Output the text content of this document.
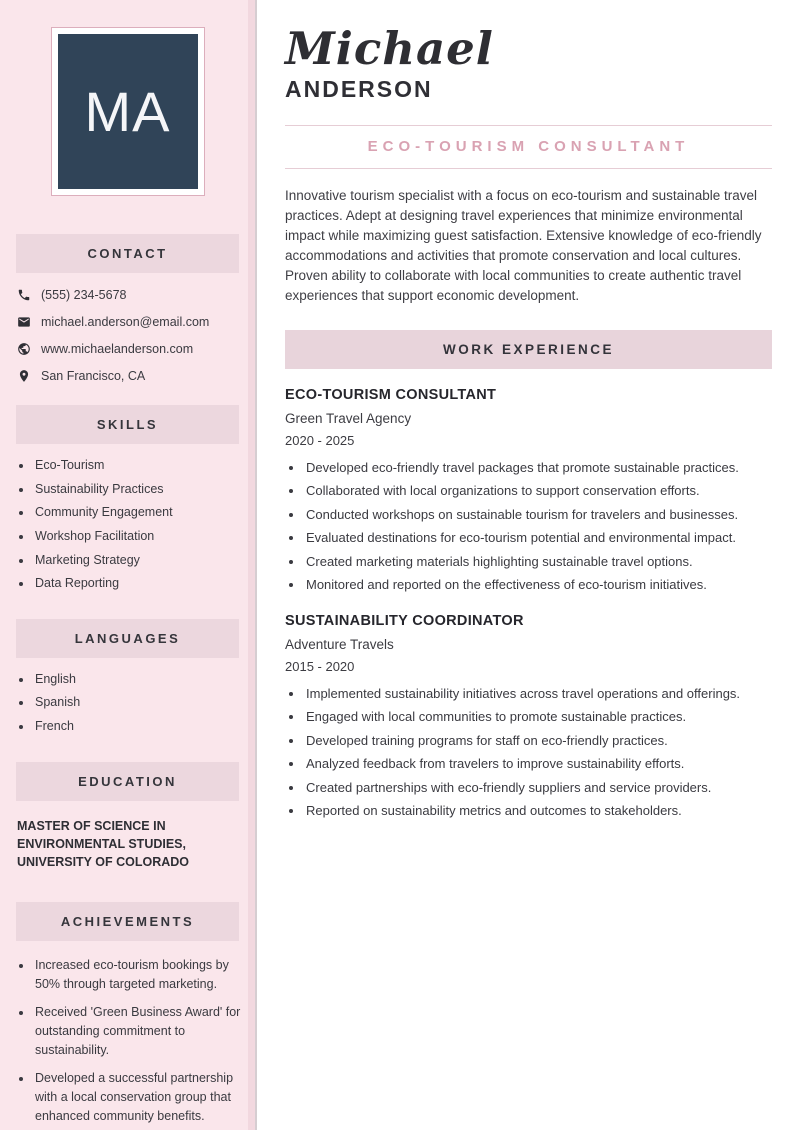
MA
CONTACT
(555) 234-5678
michael.anderson@email.com
www.michaelanderson.com
San Francisco, CA
SKILLS
• Eco-Tourism
• Sustainability Practices
• Community Engagement
• Workshop Facilitation
• Marketing Strategy
• Data Reporting
LANGUAGES
• English
• Spanish
• French
EDUCATION
MASTER OF SCIENCE IN ENVIRONMENTAL STUDIES, UNIVERSITY OF COLORADO
ACHIEVEMENTS
• Increased eco-tourism bookings by 50% through targeted marketing.
• Received 'Green Business Award' for outstanding commitment to sustainability.
• Developed a successful partnership with a local conservation group that enhanced community benefits.
Michael
ANDERSON
ECO-TOURISM CONSULTANT

Innovative tourism specialist with a focus on eco-tourism and sustainable travel practices. Adept at designing travel experiences that minimize environmental impact while maximizing guest satisfaction. Extensive knowledge of eco-friendly accommodations and activities that promote conservation and local cultures. Proven ability to collaborate with local communities to create authentic travel experiences that support economic development.

WORK EXPERIENCE
ECO-TOURISM CONSULTANT
Green Travel Agency
2020 - 2025
• Developed eco-friendly travel packages that promote sustainable practices.
• Collaborated with local organizations to support conservation efforts.
• Conducted workshops on sustainable tourism for travelers and businesses.
• Evaluated destinations for eco-tourism potential and environmental impact.
• Created marketing materials highlighting sustainable travel options.
• Monitored and reported on the effectiveness of eco-tourism initiatives.
SUSTAINABILITY COORDINATOR
Adventure Travels
2015 - 2020
• Implemented sustainability initiatives across travel operations and offerings.
• Engaged with local communities to promote sustainable practices.
• Developed training programs for staff on eco-friendly practices.
• Analyzed feedback from travelers to improve sustainability efforts.
• Created partnerships with eco-friendly suppliers and service providers.
• Reported on sustainability metrics and outcomes to stakeholders.
